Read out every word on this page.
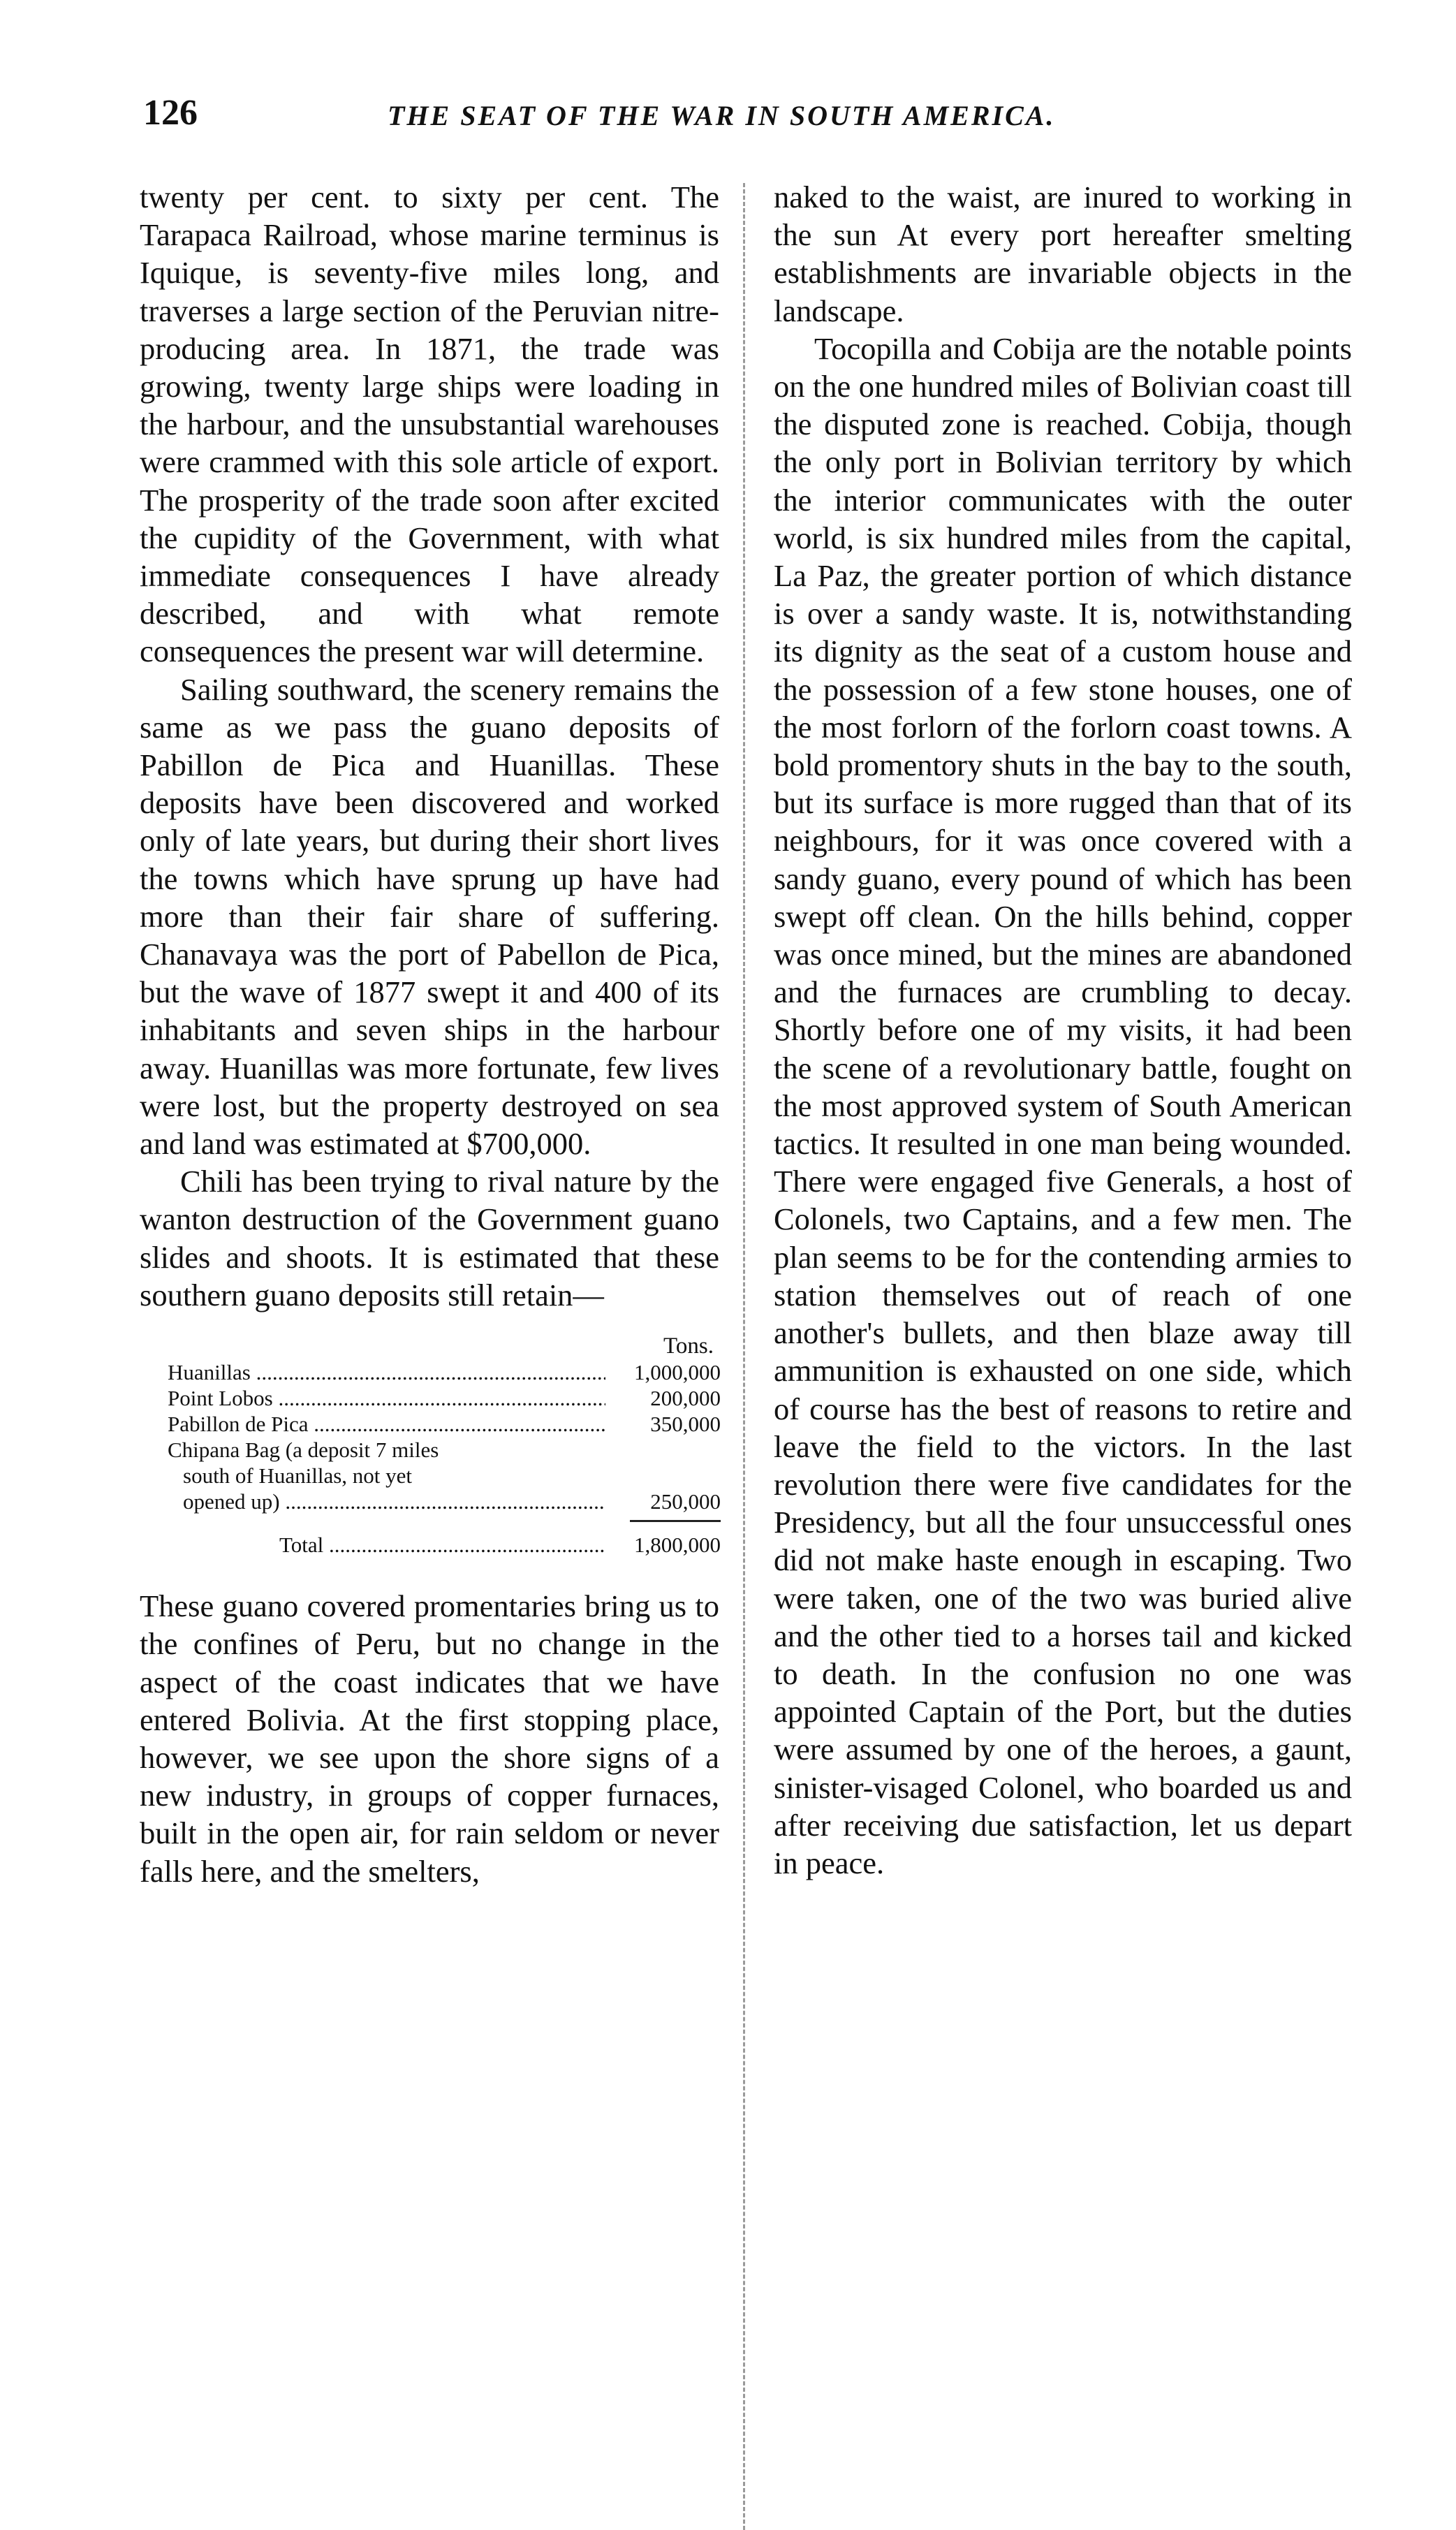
126	THE SEAT OF THE WAR IN SOUTH AMERICA.

twenty per cent. to sixty per cent. The Tarapaca Railroad, whose marine terminus is Iquique, is seventy-five miles long, and traverses a large section of the Peruvian nitre-producing area. In 1871, the trade was growing, twenty large ships were loading in the harbour, and the unsubstantial warehouses were crammed with this sole article of export. The prosperity of the trade soon after excited the cupidity of the Government, with what immediate consequences I have already described, and with what remote consequences the present war will determine.

Sailing southward, the scenery remains the same as we pass the guano deposits of Pabillon de Pica and Huanillas. These deposits have been discovered and worked only of late years, but during their short lives the towns which have sprung up have had more than their fair share of suffering. Chanavaya was the port of Pabellon de Pica, but the wave of 1877 swept it and 400 of its inhabitants and seven ships in the harbour away. Huanillas was more fortunate, few lives were lost, but the property destroyed on sea and land was estimated at $700,000.

Chili has been trying to rival nature by the wanton destruction of the Government guano slides and shoots. It is estimated that these southern guano deposits still retain—

Tons.
Huanillas .....	1,000,000
Point Lobos .....	200,000
Pabillon de Pica .....	350,000
Chipana Bag (a deposit 7 miles
south of Huanillas, not yet
opened up) .....	250,000
Total .....	1,800,000

These guano covered promentaries bring us to the confines of Peru, but no change in the aspect of the coast indicates that we have entered Bolivia. At the first stopping place, however, we see upon the shore signs of a new industry, in groups of copper furnaces, built in the open air, for rain seldom or never falls here, and the smelters,

naked to the waist, are inured to working in the sun At every port hereafter smelting establishments are invariable objects in the landscape.

Tocopilla and Cobija are the notable points on the one hundred miles of Bolivian coast till the disputed zone is reached. Cobija, though the only port in Bolivian territory by which the interior communicates with the outer world, is six hundred miles from the capital, La Paz, the greater portion of which distance is over a sandy waste. It is, notwithstanding its dignity as the seat of a custom house and the possession of a few stone houses, one of the most forlorn of the forlorn coast towns. A bold promentory shuts in the bay to the south, but its surface is more rugged than that of its neighbours, for it was once covered with a sandy guano, every pound of which has been swept off clean. On the hills behind, copper was once mined, but the mines are abandoned and the furnaces are crumbling to decay. Shortly before one of my visits, it had been the scene of a revolutionary battle, fought on the most approved system of South American tactics. It resulted in one man being wounded. There were engaged five Generals, a host of Colonels, two Captains, and a few men. The plan seems to be for the contending armies to station themselves out of reach of one another's bullets, and then blaze away till ammunition is exhausted on one side, which of course has the best of reasons to retire and leave the field to the victors. In the last revolution there were five candidates for the Presidency, but all the four unsuccessful ones did not make haste enough in escaping. Two were taken, one of the two was buried alive and the other tied to a horses tail and kicked to death. In the confusion no one was appointed Captain of the Port, but the duties were assumed by one of the heroes, a gaunt, sinister-visaged Colonel, who boarded us and after receiving due satisfaction, let us depart in peace.
